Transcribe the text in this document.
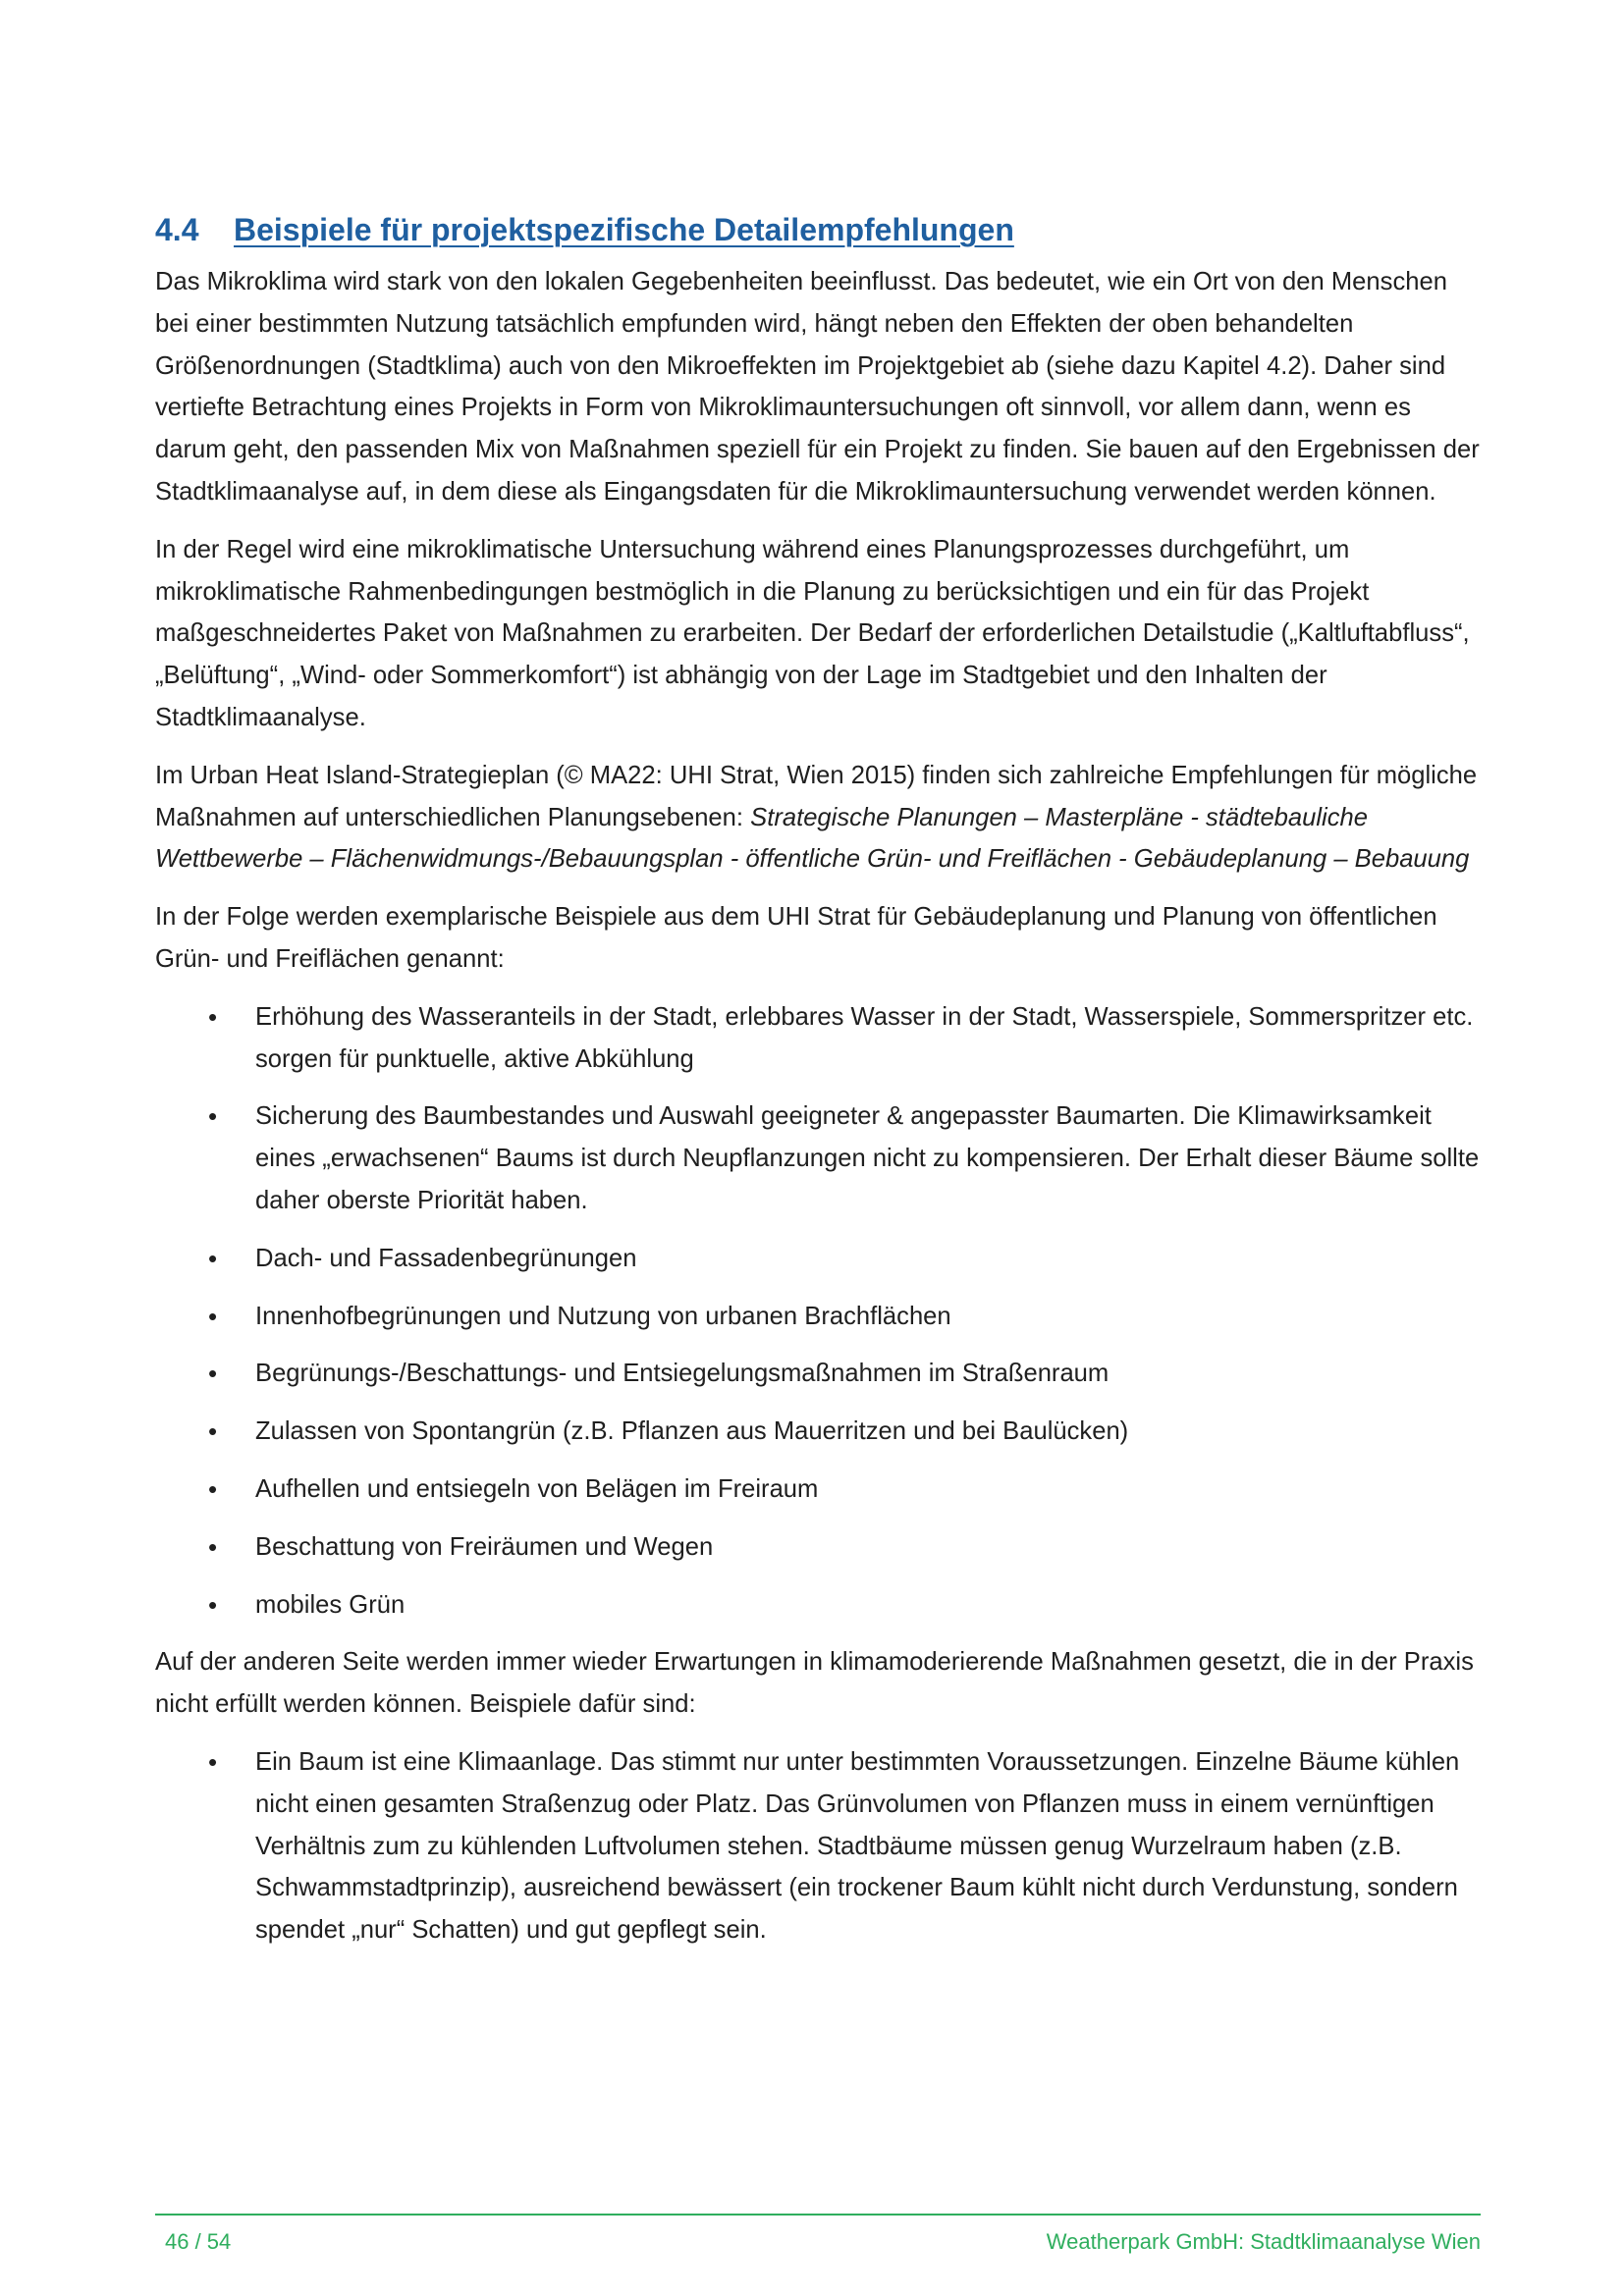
4.4	Beispiele für projektspezifische Detailempfehlungen

Das Mikroklima wird stark von den lokalen Gegebenheiten beeinflusst. Das bedeutet, wie ein Ort von den Menschen bei einer bestimmten Nutzung tatsächlich empfunden wird, hängt neben den Effekten der oben behandelten Größenordnungen (Stadtklima) auch von den Mikroeffekten im Projektgebiet ab (siehe dazu Kapitel 4.2). Daher sind vertiefte Betrachtung eines Projekts in Form von Mikroklimauntersuchungen oft sinnvoll, vor allem dann, wenn es darum geht, den passenden Mix von Maßnahmen speziell für ein Projekt zu finden. Sie bauen auf den Ergebnissen der Stadtklimaanalyse auf, in dem diese als Eingangsdaten für die Mikroklimauntersuchung verwendet werden können.

In der Regel wird eine mikroklimatische Untersuchung während eines Planungsprozesses durchgeführt, um mikroklimatische Rahmenbedingungen bestmöglich in die Planung zu berücksichtigen und ein für das Projekt maßgeschneidertes Paket von Maßnahmen zu erarbeiten. Der Bedarf der erforderlichen Detailstudie („Kaltluftabfluss“, „Belüftung“, „Wind- oder Sommerkomfort“) ist abhängig von der Lage im Stadtgebiet und den Inhalten der Stadtklimaanalyse.

Im Urban Heat Island-Strategieplan (© MA22: UHI Strat, Wien 2015) finden sich zahlreiche Empfehlungen für mögliche Maßnahmen auf unterschiedlichen Planungsebenen: Strategische Planungen – Masterpläne - städtebauliche Wettbewerbe – Flächenwidmungs-/Bebauungsplan - öffentliche Grün- und Freiflächen - Gebäudeplanung – Bebauung

In der Folge werden exemplarische Beispiele aus dem UHI Strat für Gebäudeplanung und Planung von öffentlichen Grün- und Freiflächen genannt:

• Erhöhung des Wasseranteils in der Stadt, erlebbares Wasser in der Stadt, Wasserspiele, Sommerspritzer etc. sorgen für punktuelle, aktive Abkühlung
• Sicherung des Baumbestandes und Auswahl geeigneter & angepasster Baumarten. Die Klimawirksamkeit eines „erwachsenen“ Baums ist durch Neupflanzungen nicht zu kompensieren. Der Erhalt dieser Bäume sollte daher oberste Priorität haben.
• Dach- und Fassadenbegrünungen
• Innenhofbegrünungen und Nutzung von urbanen Brachflächen
• Begrünungs-/Beschattungs- und Entsiegelungsmaßnahmen im Straßenraum
• Zulassen von Spontangrün (z.B. Pflanzen aus Mauerritzen und bei Baulücken)
• Aufhellen und entsiegeln von Belägen im Freiraum
• Beschattung von Freiräumen und Wegen
• mobiles Grün

Auf der anderen Seite werden immer wieder Erwartungen in klimamoderierende Maßnahmen gesetzt, die in der Praxis nicht erfüllt werden können. Beispiele dafür sind:

• Ein Baum ist eine Klimaanlage. Das stimmt nur unter bestimmten Voraussetzungen. Einzelne Bäume kühlen nicht einen gesamten Straßenzug oder Platz. Das Grünvolumen von Pflanzen muss in einem vernünftigen Verhältnis zum zu kühlenden Luftvolumen stehen. Stadtbäume müssen genug Wurzelraum haben (z.B. Schwammstadtprinzip), ausreichend bewässert (ein trockener Baum kühlt nicht durch Verdunstung, sondern spendet „nur“ Schatten) und gut gepflegt sein.
46 / 54	Weatherpark GmbH: Stadtklimaanalyse Wien
